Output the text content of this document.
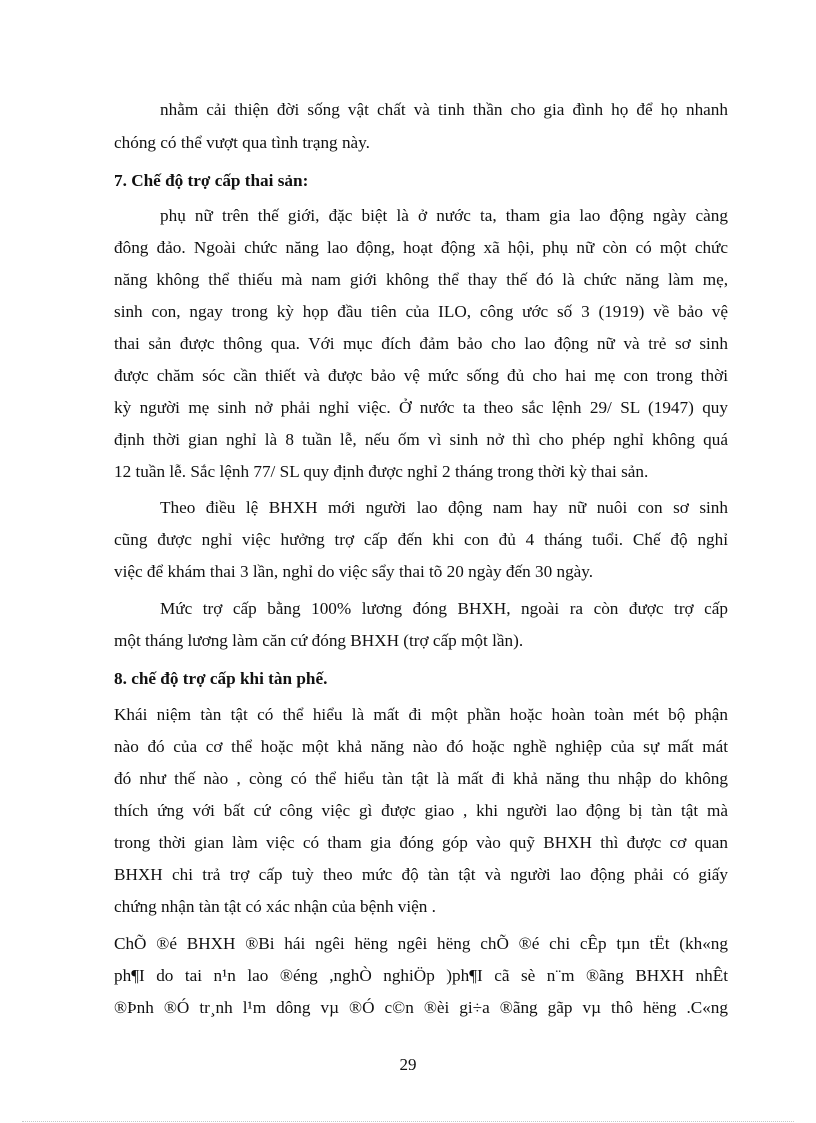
nhằm cải thiện đời sống vật chất và tinh thần cho gia đình họ để họ nhanh
chóng có thể vượt qua tình trạng này.
7. Chế độ trợ cấp thai sản:
phụ nữ trên thế giới, đặc biệt là ở nước ta, tham gia lao động ngày càng
đông đảo. Ngoài chức năng lao động, hoạt động xã hội, phụ nữ còn có một chức
năng không thể thiếu mà nam giới không thể thay thế đó là chức năng làm mẹ,
sinh con, ngay trong kỳ họp đầu tiên của ILO, công ước số 3 (1919) về bảo vệ
thai sản được thông qua. Với mục đích đảm bảo cho lao động nữ và trẻ sơ sinh
được chăm sóc cần thiết và được bảo vệ mức sống đủ cho hai mẹ con trong thời
kỳ người mẹ sinh nở phải nghỉ việc. Ở nước ta theo sắc lệnh 29/ SL (1947) quy
định thời gian nghỉ là 8 tuần lễ, nếu ốm vì sinh nở thì cho phép nghỉ không quá
12 tuần lễ. Sắc lệnh 77/ SL quy định được nghỉ 2 tháng trong thời kỳ thai sản.
Theo điều lệ BHXH mới người lao động nam hay nữ nuôi con sơ sinh
cũng được nghỉ việc hưởng trợ cấp đến khi con đủ 4 tháng tuổi. Chế độ nghỉ
việc để khám thai 3 lần, nghỉ do việc sẩy thai tõ 20 ngày đến 30 ngày.
Mức trợ cấp bằng 100% lương đóng BHXH, ngoài ra còn được trợ cấp
một tháng lương làm căn cứ đóng BHXH (trợ cấp một lần).
8. chế độ trợ cấp khi tàn phế.
Khái niệm tàn tật có thể hiểu là mất đi một phần hoặc hoàn toàn mét bộ phận
nào đó của cơ thể hoặc một khả năng nào đó hoặc nghề nghiệp của sự mất mát
đó như thế nào , còng có thể hiểu tàn tật là mất đi khả năng thu nhập do không
thích ứng với bất cứ công việc gì được giao , khi người lao động bị tàn tật mà
trong thời gian làm việc có tham gia đóng góp vào quỹ BHXH thì được cơ quan
BHXH chi trả trợ cấp tuỳ theo mức độ tàn tật và người lao động phải có giấy
chứng nhận tàn tật có xác nhận của bệnh viện .
ChÕ ®é BHXH ®Bi hái ngêi hëng ngêi hëng chÕ ®é chi cÊp tµn tËt (kh«ng
ph¶I do tai n¹n lao ®éng ,nghÒ nghiÖp )ph¶I cã sè n¨m ®ãng BHXH nhÊt
®Þnh ®Ó tr¸nh l¹m dông vµ ®Ó c©n ®èi gi÷a ®ãng gãp vµ thô hëng .C«ng
29
